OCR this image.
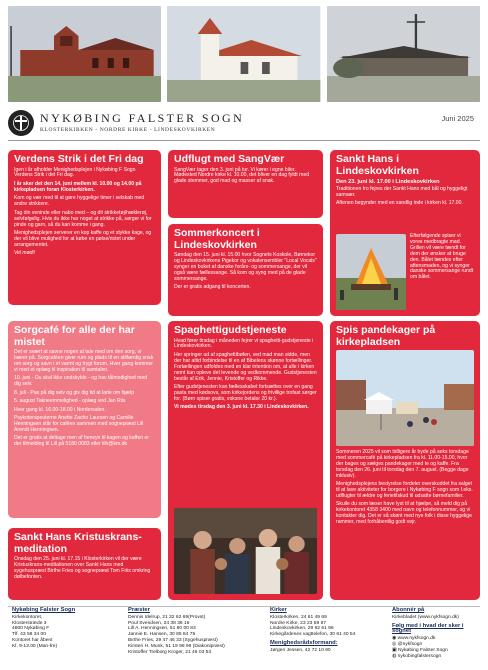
NYKØBING FALSTER SOGN
KLOSTERKIRKEN - NORDRE KIRKE - LINDESKOVKIRKEN
Juni 2025
Verdens Strik i det Fri dag

Igen i år afholder Menighedsplejen i Nykøbing F Sogn Verdens Strik i det Fri dag.

I år sker det den 14. juni mellem kl. 10.00 og 14.00 på kirkepladsen foran Klosterkirken.

Kom og vær med til at gøre hyggelige timer i selskab med andre strikkere.

Tag din veninde eller nabo med – og dit strikketøj/hæklerøj, selvfølgelig. Hvis du ikke har noget at strikke på, sørger vi for pinde og garn, så du kan komme i gang.

Menighedsplejen serverer en kop kaffe og et stykke kage, og der vil blive mulighed for at købe en pølse/ristet under arrangementet.

Vel mødt!

Sorgcafé for alle der har mistet

Det er svært at savne nogen at tale med om den sorg, vi bærer på. Sorgcaféen giver rum og plads til en stilfærdig snak om sorg og savn i et varmt og trygt forum. Hver gang kommer vi med et oplæg til inspiration til samtalen.

10. juni - Du skal ikke undskylde - og hav tålmodighed med dig selv.

8. juli - Pas på dig selv og giv dig tid at lade om hjælp

5. august Takneemmelighed - oplæg ved Jan Riis

Hver gang kl. 16.00-18.00 i Nordersalen.

Psykoterapeuterne Anette Zacho Laursen og Camille Henningsen står for caféen sammen med sognepræst Lill Arendt Henningsen.

Det er gratis at deltage men af hensyn til kagen og kaffen er der tilmelding til Lill på 5180 0083 eller lilh@km.dk

Sankt Hans Kristuskrans-meditation

Onsdag den 25. juni kl. 17.15 i Klosterkirken vil der være Kristuskrans-meditationen over Sankt Hans med sygehuspræst Birthe Fries og sognepræst Tom Friis omkring dølbefonten.

Udflugt med SangVær

SangVær tager den 3. juni på tur. Vi kører i egne biler. Mødested Nordre kirke kl. 10.00, det bliver en dag fyldt med glade stemmer, god mad og masser af snak.

Sommerkoncert i Lindeskovkirken

Søndag den 15. juni kl. 15.00 hvor Sognets Koskole, Børnekor og Lindeskovkirkens Pigekor og vokalensembler "Local Vocals" synger en buket af danske forårs- og sommersange, der vil også være fællessange. Så kom og syng med på de glade sommersange.

Der er gratis adgang til koncerten.

Spaghettigudstjeneste

Hvad fører tirsdag i måneden fejrer vi spaghetti-gudstjeneste i Lindeskovkirken.

Her springer ud af spaghettibøfen, ved mad man sidde, men der har altid forbindelse til en af Bibelens skønne fortællinger. Fortællingen udfoldes med en klar intention om, at alle i kirken nemt kan opleve det levende og vedkommende. Gudstjenesten består af Erik, Jennie, Kristoffer og Rikke.

Efter gudstjenesten kan fællesskabet fortsættes over en gang pasta med kødsovs, som kirkejordens og frivillige trofast sørger for. (Børn spiser gratis, voksne betaler 20 kr.).

Vi mødes tirsdag den 3. juni kl. 17.30 i Lindeskovkirken.

Sankt Hans i Lindeskovkirken
Den 23. juni kl. 17.00 i Lindeskovkirken

Traditionen tro fejres der Sankt Hans med bål og hyggeligt samvær.

Aftenen begynder med en sandlig inde i kirken kl. 17.00.

Efterfølgende spiser vi vores medbragte mad. Grillen vil være tændt for dem der ønsker at bruge den. Bålet tændes efter aftensmaden, og vi synger danske sommersange rundt om bålet.

Spis pandekager på kirkepladsen

Sommeren 2025 vil som tidligere år byde på seks torsdage med sommercafé på kirkepladsen fra kl. 11.00-15.00, hvor der bages og sælges pandekager med te og kaffe. Fra torsdag den 26. juni til torsdag den 7. august. (Begge dage inklusiv).

Menighedsplejens bestyrelse fordeler overskuddet fra salget til at lave aktiviteter for borgere i Nykøbing F sogn som f.eks. udflugter til ældre og ferietilskud til udsatte børnefamilier.

Skulle du som læser have lyst til at hjælpe, så meld dig på kirkekontoret 4358 3400 med navn og telefonnummer, og vi kontakter dig. Det er så skønt med nye folk i disse hyggelige rammer, med forhåbentlig godt vejr.

Nykøbing Falster Sogn
Kirkekontoret,
Klosterstræde 3
4800 Nykøbing F
Tlf. 43 58 34 00
Kontoret har åbent
Kl. 9-13.00 (Man-fre)
Præster
Dennis Idelrup, 21 32 62 69(Provst)
Poul Svendsen, 24 38 36 16
Lill A. Henningsen, 51 80 00 83
Jannie E. Hansen, 30 85 84 75
Birthe Fries, 29 47 46 33 (Sygehuspræst)
Kirsten H. Munk, 51 19 98 96 (Diakonipræst)
Kristoffer Trelborg Kroger, 21 46 03 53
Kirker
Klosterkirken, 24 61 49 69
Nordre Kirke, 23 23 59 67
Lindeskovkirken, 29 62 61 96
Kirkegårdenes vagttelefon, 30 61 40 54
Menighedsrådsformand:
Jørgen Jessen, 42 72 10 90
Abonnér på
Kirkebladet (www.nykfsogn.dk)
Følg med i hvad der sker i sognet
◉ www.nykfsogn.dk
◎ @nykfsogn
▣ Nykøbing Falster Sogn
◍ nykobingfalstersogn
